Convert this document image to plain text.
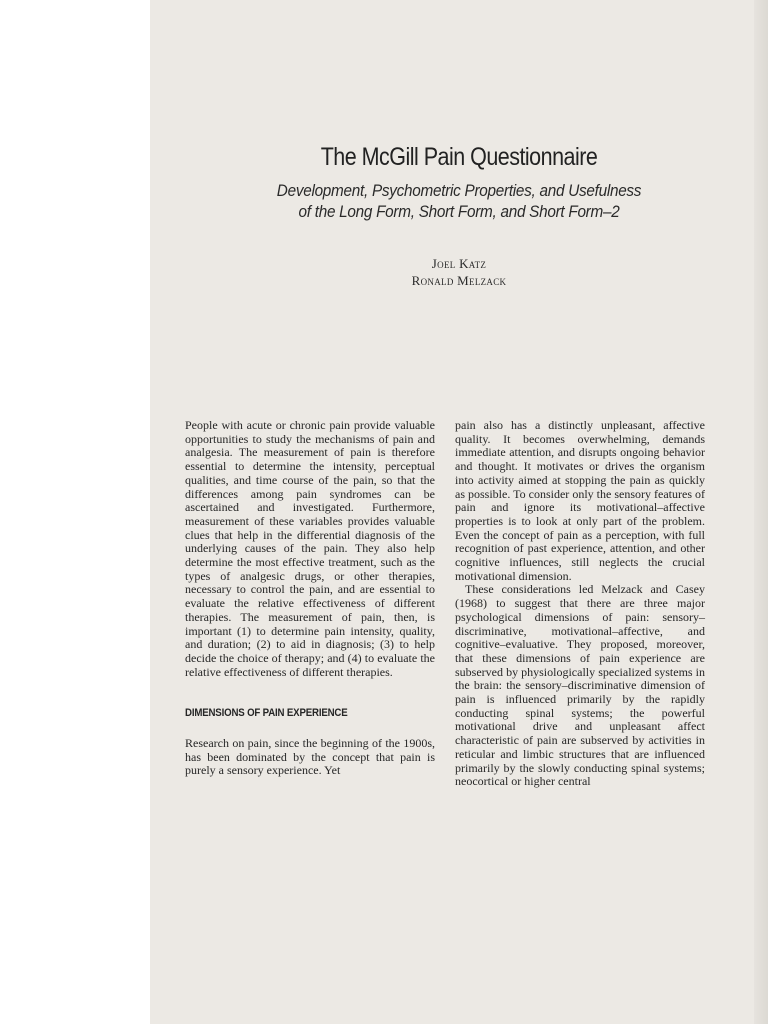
The McGill Pain Questionnaire
Development, Psychometric Properties, and Usefulness
of the Long Form, Short Form, and Short Form–2
Joel Katz
Ronald Melzack

People with acute or chronic pain provide valuable opportunities to study the mechanisms of pain and analgesia. The measurement of pain is therefore essential to determine the intensity, perceptual qualities, and time course of the pain, so that the differences among pain syndromes can be ascertained and investigated. Furthermore, measurement of these variables provides valuable clues that help in the differential diagnosis of the underlying causes of the pain. They also help determine the most effective treatment, such as the types of analgesic drugs, or other therapies, necessary to control the pain, and are essential to evaluate the relative effectiveness of different therapies. The measurement of pain, then, is important (1) to determine pain intensity, quality, and duration; (2) to aid in diagnosis; (3) to help decide the choice of therapy; and (4) to evaluate the relative effectiveness of different therapies.

DIMENSIONS OF PAIN EXPERIENCE

Research on pain, since the beginning of the 1900s, has been dominated by the concept that pain is purely a sensory experience. Yet

pain also has a distinctly unpleasant, affective quality. It becomes overwhelming, demands immediate attention, and disrupts ongoing behavior and thought. It motivates or drives the organism into activity aimed at stopping the pain as quickly as possible. To consider only the sensory features of pain and ignore its motivational–affective properties is to look at only part of the problem. Even the concept of pain as a perception, with full recognition of past experience, attention, and other cognitive influences, still neglects the crucial motivational dimension.

These considerations led Melzack and Casey (1968) to suggest that there are three major psychological dimensions of pain: sensory–discriminative, motivational–affective, and cognitive–evaluative. They proposed, moreover, that these dimensions of pain experience are subserved by physiologically specialized systems in the brain: the sensory–discriminative dimension of pain is influenced primarily by the rapidly conducting spinal systems; the powerful motivational drive and unpleasant affect characteristic of pain are subserved by activities in reticular and limbic structures that are influenced primarily by the slowly conducting spinal systems; neocortical or higher central
